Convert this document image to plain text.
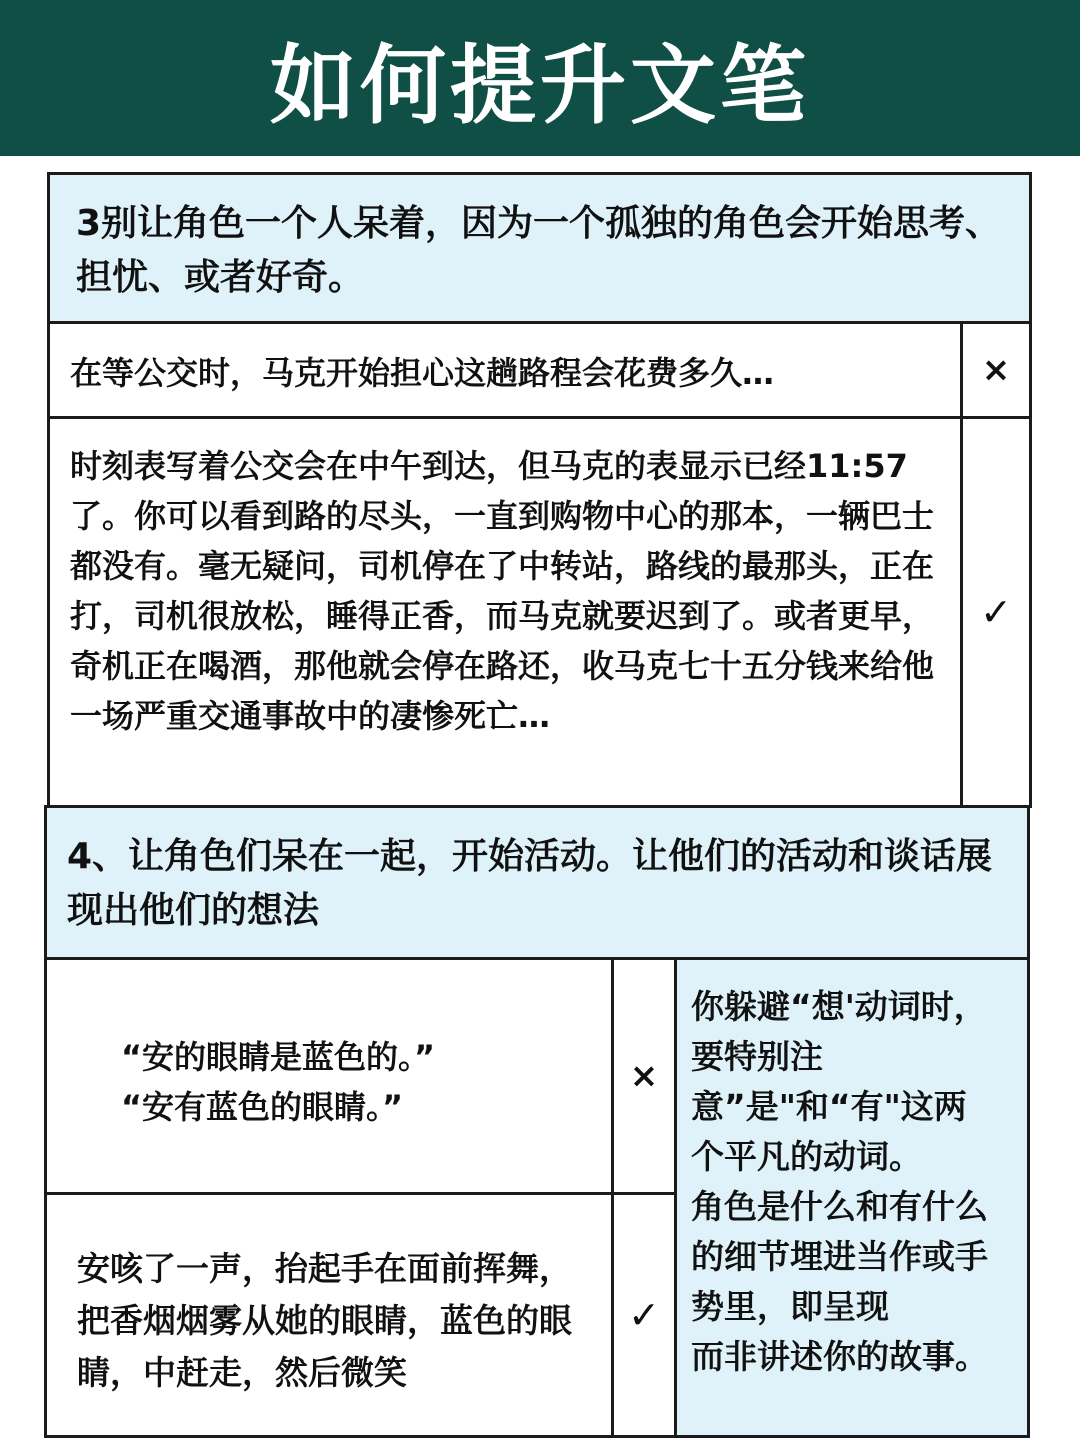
如何提升文笔
3别让角色一个人呆着，因为一个孤独的角色会开始思考、担忧、或者好奇。
在等公交时，马克开始担心这趟路程会花费多久…	×
时刻表写着公交会在中午到达，但马克的表显示已经11:57了。你可以看到路的尽头，一直到购物中心的那本，一辆巴士都没有。毫无疑问，司机停在了中转站，路线的最那头，正在打，司机很放松，睡得正香，而马克就要迟到了。或者更早，奇机正在喝酒，那他就会停在路还，收马克七十五分钱来给他一场严重交通事故中的凄惨死亡…
✓
4、让角色们呆在一起，开始活动。让他们的活动和谈话展现出他们的想法
“安的眼睛是蓝色的。”
“安有蓝色的眼睛。”
×
安咳了一声，抬起手在面前挥舞，把香烟烟雾从她的眼睛，蓝色的眼睛，中赶走，然后微笑
✓
你躲避“想'动词时，
要特别注
意”是"和“有"这两
个平凡的动词。
角色是什么和有什么
的细节埋进当作或手
势里，即呈现
而非讲述你的故事。
